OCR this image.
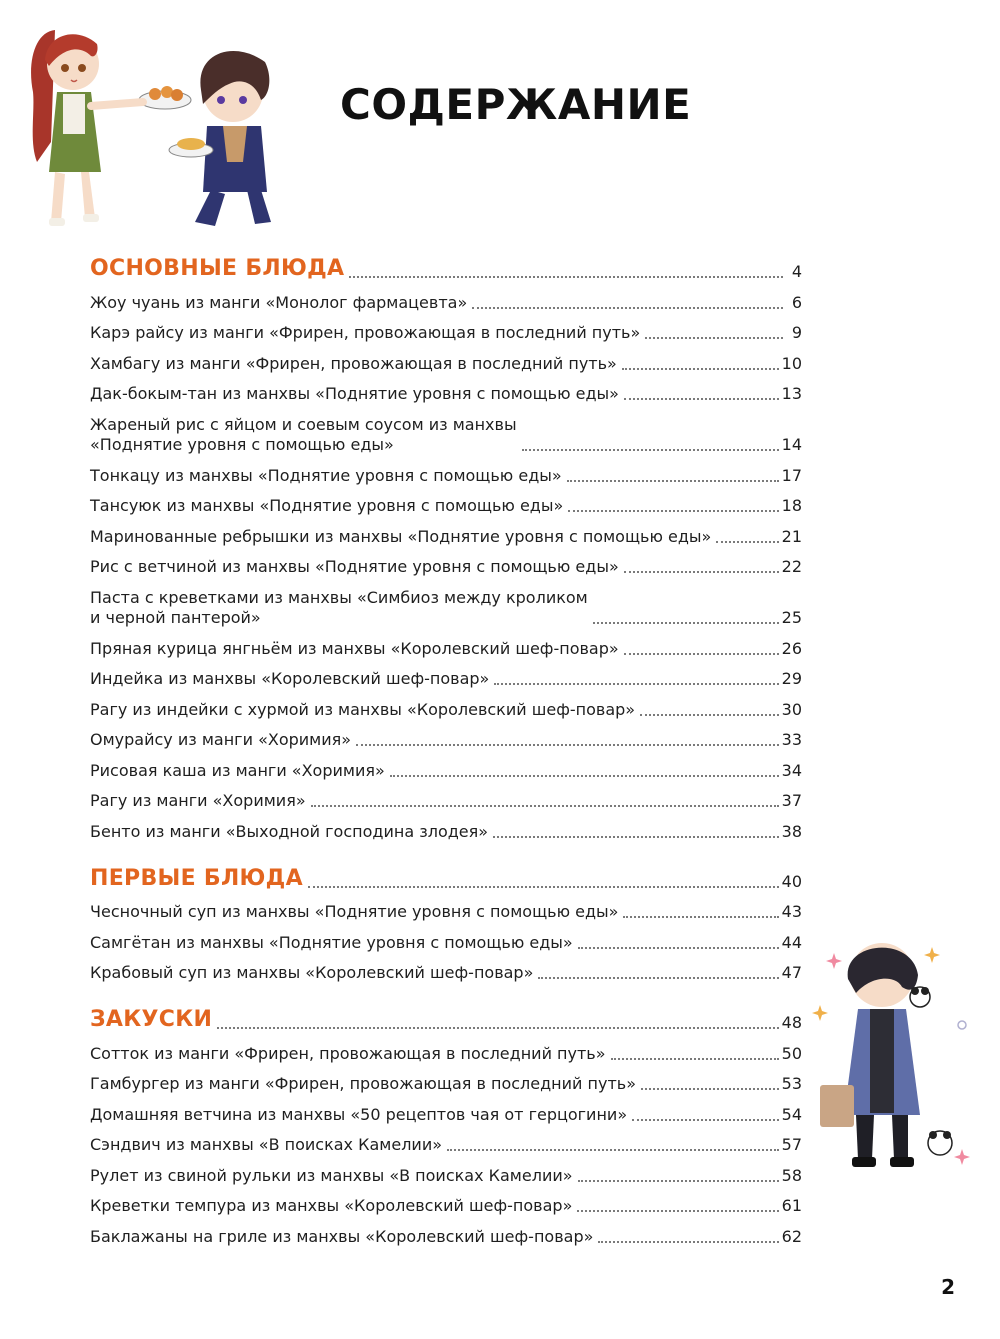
СОДЕРЖАНИЕ
ОСНОВНЫЕ БЛЮДА	4
Жоу чуань из манги «Монолог фармацевта»	6
Карэ райсу из манги «Фрирен, провожающая в последний путь»	9
Хамбагу из манги «Фрирен, провожающая в последний путь»	10
Дак-бокым-тан из манхвы «Поднятие уровня с помощью еды»	13
Жареный рис с яйцом и соевым соусом из манхвы
«Поднятие уровня с помощью еды»	14
Тонкацу из манхвы «Поднятие уровня с помощью еды»	17
Тансуюк из манхвы «Поднятие уровня с помощью еды»	18
Маринованные ребрышки из манхвы «Поднятие уровня с помощью еды»	21
Рис с ветчиной из манхвы «Поднятие уровня с помощью еды»	22
Паста с креветками из манхвы «Симбиоз между кроликом
и черной пантерой»	25
Пряная курица янгньём из манхвы «Королевский шеф-повар»	26
Индейка из манхвы «Королевский шеф-повар»	29
Рагу из индейки с хурмой из манхвы «Королевский шеф-повар»	30
Омурайсу из манги «Хоримия»	33
Рисовая каша из манги «Хоримия»	34
Рагу из манги «Хоримия»	37
Бенто из манги «Выходной господина злодея»	38
ПЕРВЫЕ БЛЮДА	40
Чесночный суп из манхвы «Поднятие уровня с помощью еды»	43
Самгётан из манхвы «Поднятие уровня с помощью еды»	44
Крабовый суп из манхвы «Королевский шеф-повар»	47
ЗАКУСКИ	48
Сотток из манги «Фрирен, провожающая в последний путь»	50
Гамбургер из манги «Фрирен, провожающая в последний путь»	53
Домашняя ветчина из манхвы «50 рецептов чая от герцогини»	54
Сэндвич из манхвы «В поисках Камелии»	57
Рулет из свиной рульки из манхвы «В поисках Камелии»	58
Креветки темпура из манхвы «Королевский шеф-повар»	61
Баклажаны на гриле из манхвы «Королевский шеф-повар»	62
2
